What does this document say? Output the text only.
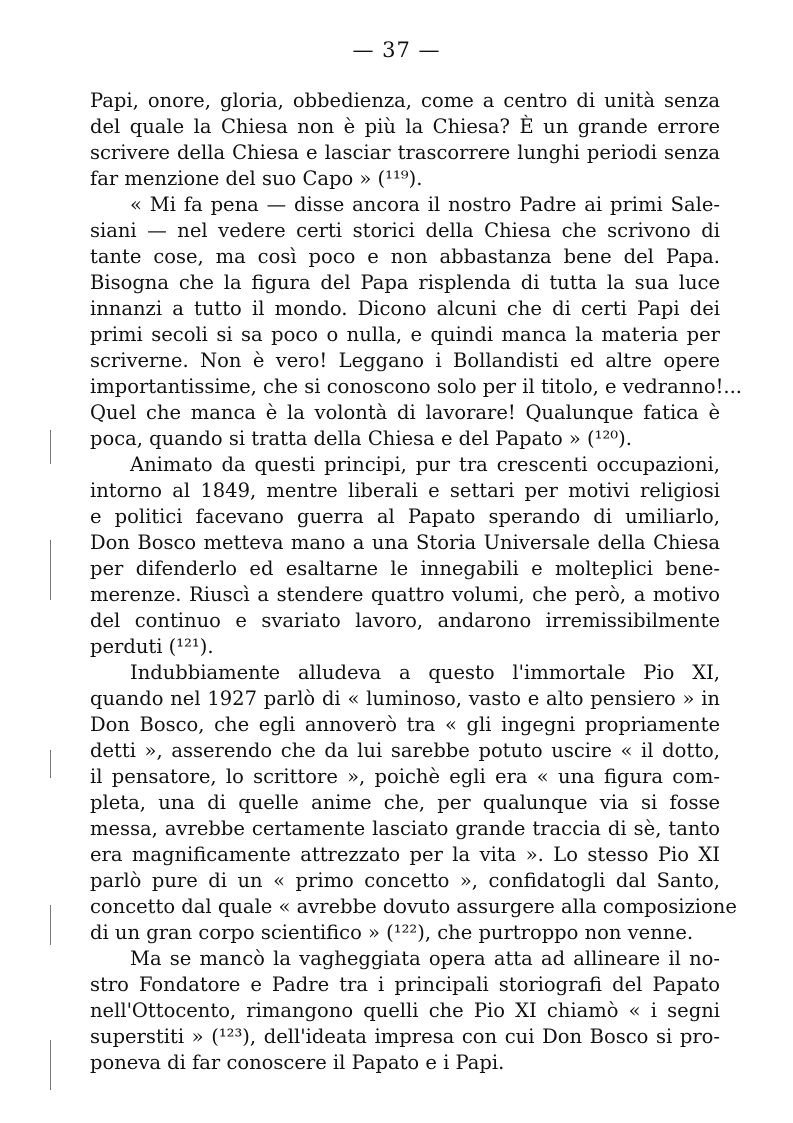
— 37 —
Papi, onore, gloria, obbedienza, come a centro di unità senza
del quale la Chiesa non è più la Chiesa? È un grande errore
scrivere della Chiesa e lasciar trascorrere lunghi periodi senza
far menzione del suo Capo » (¹¹⁹).
« Mi fa pena — disse ancora il nostro Padre ai primi Sale-
siani — nel vedere certi storici della Chiesa che scrivono di
tante cose, ma così poco e non abbastanza bene del Papa.
Bisogna che la figura del Papa risplenda di tutta la sua luce
innanzi a tutto il mondo. Dicono alcuni che di certi Papi dei
primi secoli si sa poco o nulla, e quindi manca la materia per
scriverne. Non è vero! Leggano i Bollandisti ed altre opere
importantissime, che si conoscono solo per il titolo, e vedranno!...
Quel che manca è la volontà di lavorare! Qualunque fatica è
poca, quando si tratta della Chiesa e del Papato » (¹²⁰).
Animato da questi principi, pur tra crescenti occupazioni,
intorno al 1849, mentre liberali e settari per motivi religiosi
e politici facevano guerra al Papato sperando di umiliarlo,
Don Bosco metteva mano a una Storia Universale della Chiesa
per difenderlo ed esaltarne le innegabili e molteplici bene-
merenze. Riuscì a stendere quattro volumi, che però, a motivo
del continuo e svariato lavoro, andarono irremissibilmente
perduti (¹²¹).
Indubbiamente alludeva a questo l'immortale Pio XI,
quando nel 1927 parlò di « luminoso, vasto e alto pensiero » in
Don Bosco, che egli annoverò tra « gli ingegni propriamente
detti », asserendo che da lui sarebbe potuto uscire « il dotto,
il pensatore, lo scrittore », poichè egli era « una figura com-
pleta, una di quelle anime che, per qualunque via si fosse
messa, avrebbe certamente lasciato grande traccia di sè, tanto
era magnificamente attrezzato per la vita ». Lo stesso Pio XI
parlò pure di un « primo concetto », confidatogli dal Santo,
concetto dal quale « avrebbe dovuto assurgere alla composizione
di un gran corpo scientifico » (¹²²), che purtroppo non venne.
Ma se mancò la vagheggiata opera atta ad allineare il no-
stro Fondatore e Padre tra i principali storiografi del Papato
nell'Ottocento, rimangono quelli che Pio XI chiamò « i segni
superstiti » (¹²³), dell'ideata impresa con cui Don Bosco si pro-
poneva di far conoscere il Papato e i Papi.
